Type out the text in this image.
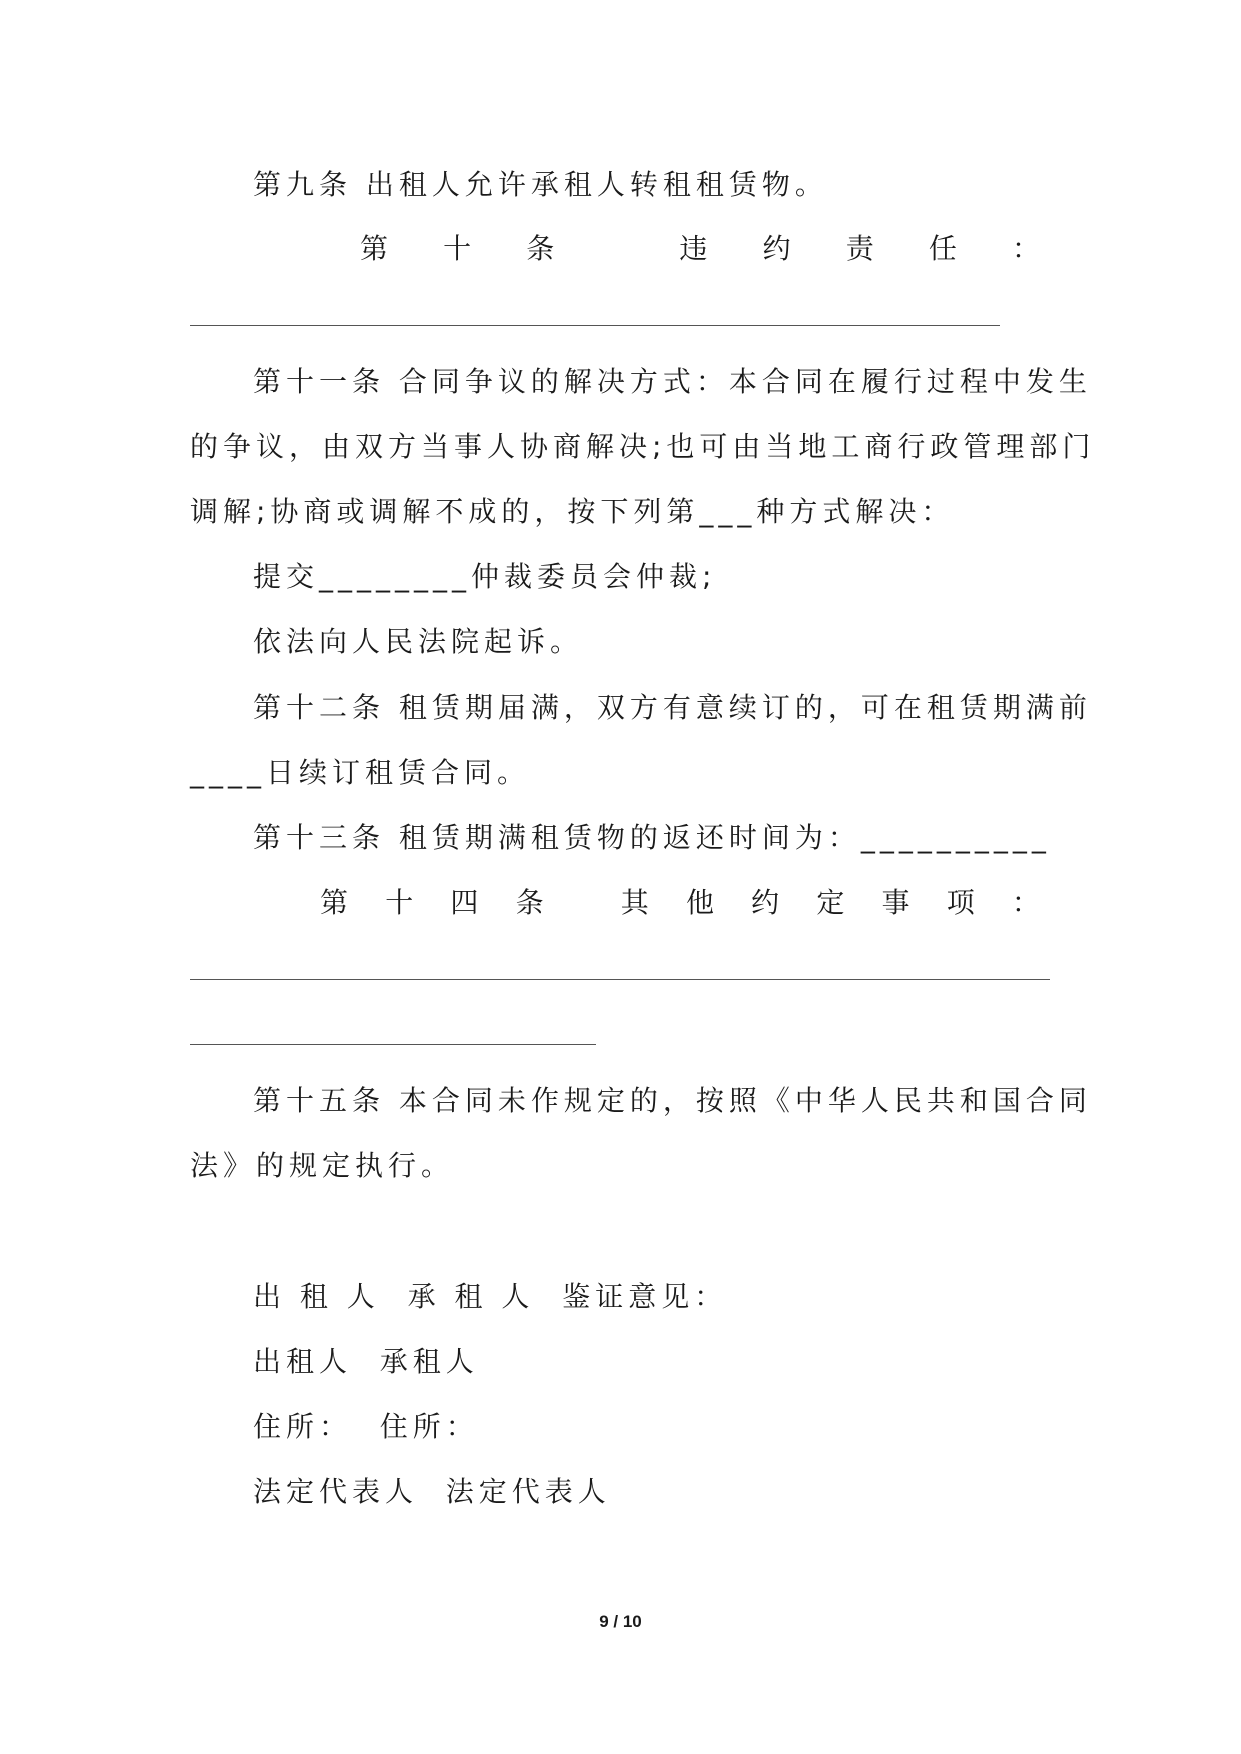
第九条 出租人允许承租人转租租赁物。
第 十 条	违 约 责 任 ：
第十一条 合同争议的解决方式：本合同在履行过程中发生
的争议，由双方当事人协商解决;也可由当地工商行政管理部门
调解;协商或调解不成的，按下列第___种方式解决：
提交________仲裁委员会仲裁;
依法向人民法院起诉。
第十二条 租赁期届满，双方有意续订的，可在租赁期满前
____日续订租赁合同。
第十三条 租赁期满租赁物的返还时间为：__________
第 十 四 条	其 他 约 定 事 项 ：
第十五条 本合同未作规定的，按照《中华人民共和国合同
法》的规定执行。
出 租 人  承 租 人  鉴证意见：
出租人  承租人
住所：  住所：
法定代表人  法定代表人
9 / 10
